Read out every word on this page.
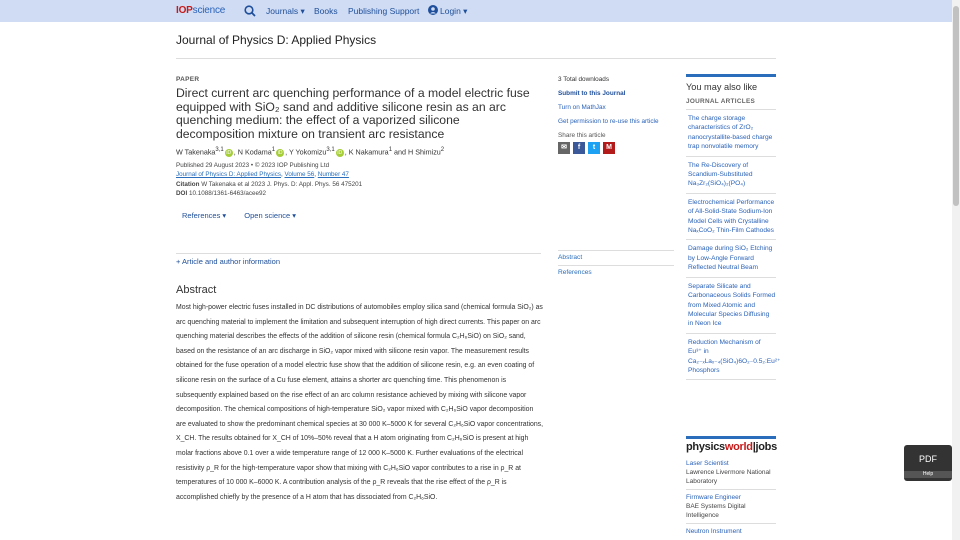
IOPscience	Journals ▾ Books Publishing Support Login ▾
Journal of Physics D: Applied Physics
PAPER
Direct current arc quenching performance of a model electric fuse equipped with SiO₂ sand and additive silicone resin as an arc quenching medium: the effect of a vaporized silicone decomposition mixture on transient arc resistance
W Takenaka$^{3,1}$ iD , N Kodama$^1$ iD , Y Yokomizu$^{3,1}$ iD , K Nakamura$^1$ and H Shimizu$^2$
Published 29 August 2023 • © 2023 IOP Publishing Ltd
Journal of Physics D: Applied Physics, Volume 56, Number 47
Citation W Takenaka et al 2023 J. Phys. D: Appl. Phys. 56 475201
DOI 10.1088/1361-6463/acee92
References ▾ Open science ▾
+ Article and author information
Abstract
Most high-power electric fuses installed in DC distributions of automobiles employ silica sand (chemical formula SiO₂) as arc quenching material to implement the limitation and subsequent interruption of high direct currents. This paper on arc quenching material describes the effects of the addition of silicone resin (chemical formula C₂H₆SiO) on SiO₂ sand, based on the resistance of an arc discharge in SiO₂ vapor mixed with silicone resin vapor. The measurement results obtained for the fuse operation of a model electric fuse show that the addition of silicone resin, e.g. an even coating of silicone resin on the surface of a Cu fuse element, attains a shorter arc quenching time. This phenomenon is subsequently explained based on the rise effect of an arc column resistance achieved by mixing with silicone vapor decomposition. The chemical compositions of high-temperature SiO₂ vapor mixed with C₂H₆SiO vapor decomposition are evaluated to show the predominant chemical species at 30 000 K–5000 K for several C₂H₆SiO vapor concentrations, X_CH. The results obtained for X_CH of 10%–50% reveal that a H atom originating from C₂H₆SiO is present at high molar fractions above 0.1 over a wide temperature range of 12 000 K–5000 K. Further evaluations of the electrical resistivity ρ_R for the high-temperature vapor show that mixing with C₂H₆SiO vapor contributes to a rise in ρ_R at temperatures of 10 000 K–6000 K. A contribution analysis of the ρ_R reveals that the rise effect of the ρ_R is accomplished chiefly by the presence of a H atom that has dissociated from C₂H₆SiO.
3 Total downloads
Submit to this Journal
Turn on MathJax
Get permission to re-use this article
Share this article
✉	f	t	M
Abstract
References
You may also like
JOURNAL ARTICLES
The charge storage characteristics of ZrO₂ nanocrystallite-based charge trap nonvolatile memory
The Re-Discovery of Scandium-Substituted Na₃Zr₂(SiO₄)₂(PO₄)
Electrochemical Performance of All-Solid-State Sodium-Ion Model Cells with Crystalline NaₓCoO₂ Thin-Film Cathodes
Damage during SiO₂ Etching by Low-Angle Forward Reflected Neutral Beam
Separate Silicate and Carbonaceous Solids Formed from Mixed Atomic and Molecular Species Diffusing in Neon Ice
Reduction Mechanism of Eu³⁺ in Ca₂₋ₓLaₓ₋₄(SiO₄)6O₂₋0.5₂:Eu²⁺ Phosphors
physicsworld|jobs
Laser Scientist
Lawrence Livermore National Laboratory
Firmware Engineer
BAE Systems Digital Intelligence
Neutron Instrument
PDF
Help
